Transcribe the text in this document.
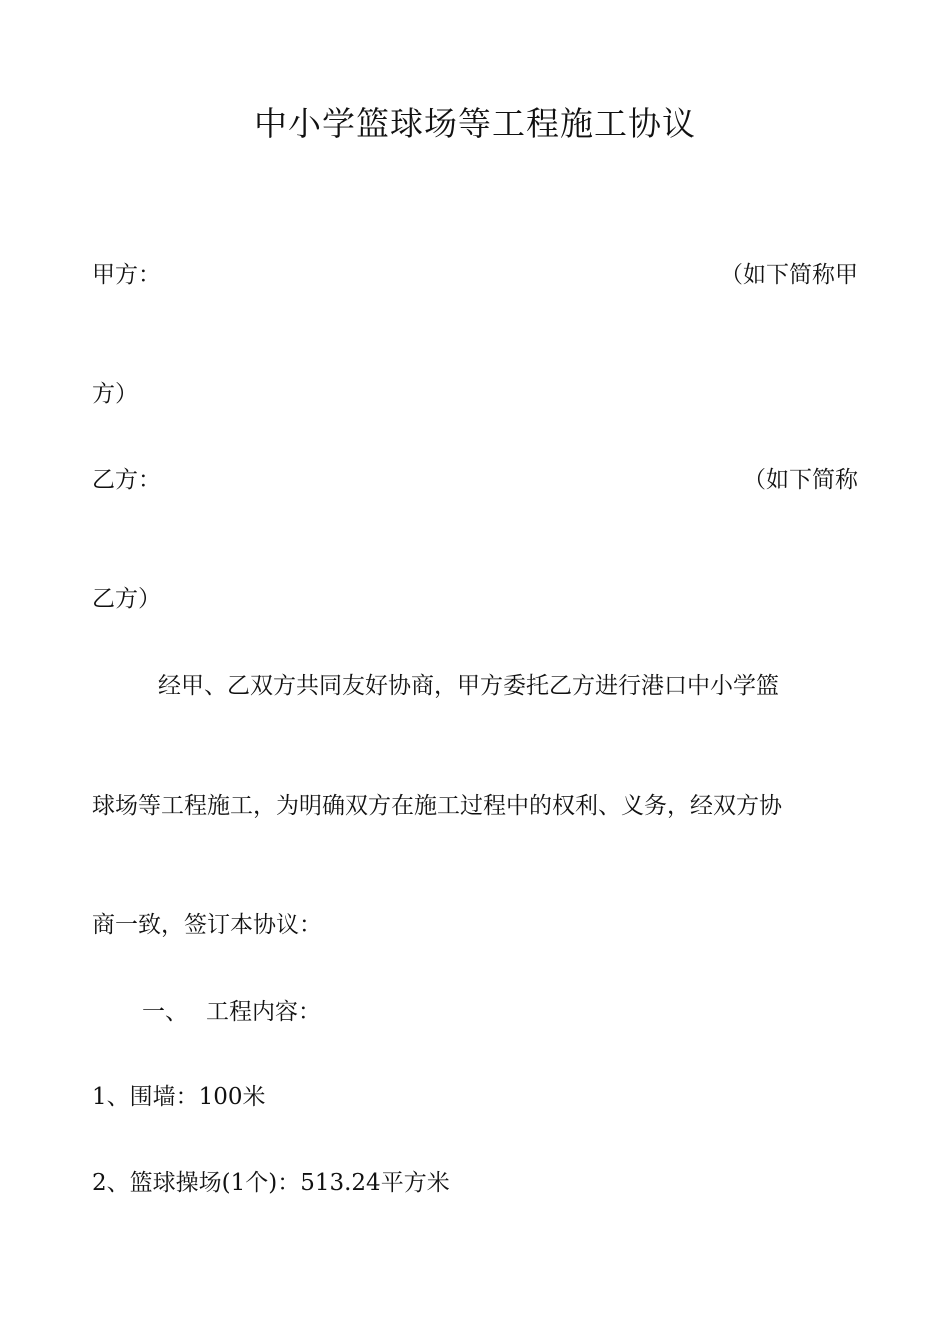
中小学篮球场等工程施工协议
甲方：	（如下简称甲
方）
乙方：	（如下简称
乙方）
经甲、乙双方共同友好协商，甲方委托乙方进行港口中小学篮
球场等工程施工，为明确双方在施工过程中的权利、义务，经双方协
商一致，签订本协议：
一、 工程内容：
1、围墙：100米
2、篮球操场(1个)：513.24平方米
